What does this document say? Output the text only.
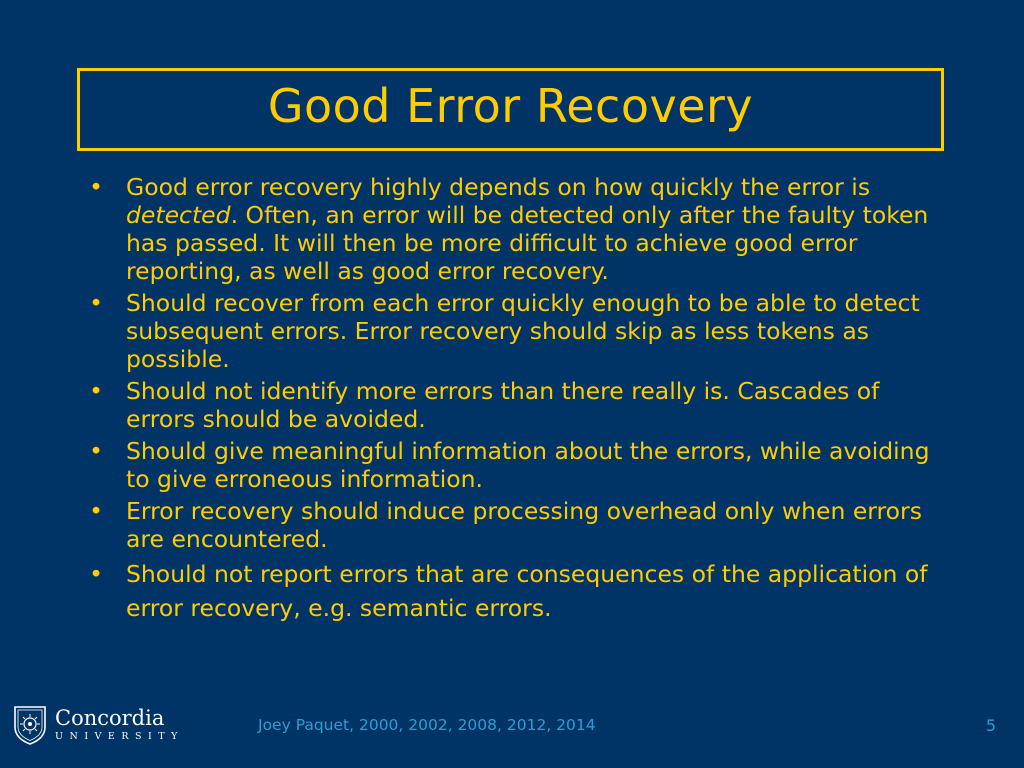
Good Error Recovery
• Good error recovery highly depends on how quickly the error is detected. Often, an error will be detected only after the faulty token has passed. It will then be more difficult to achieve good error reporting, as well as good error recovery.
• Should recover from each error quickly enough to be able to detect subsequent errors. Error recovery should skip as less tokens as possible.
• Should not identify more errors than there really is. Cascades of errors should be avoided.
• Should give meaningful information about the errors, while avoiding to give erroneous information.
• Error recovery should induce processing overhead only when errors are encountered.
• Should not report errors that are consequences of the application of error recovery, e.g. semantic errors.
Concordia
UNIVERSITY
Joey Paquet, 2000, 2002, 2008, 2012, 2014	5
